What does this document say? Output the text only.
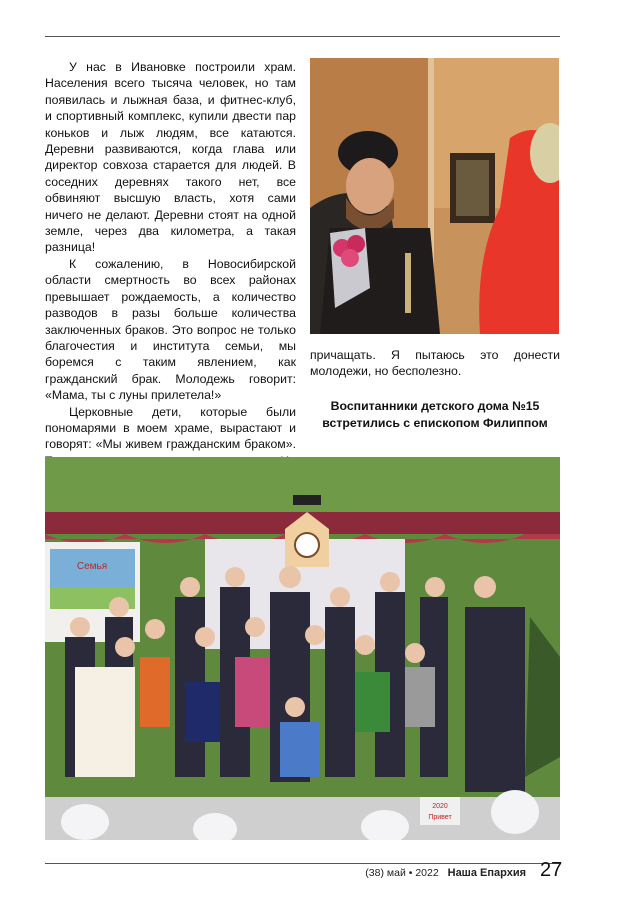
У нас в Ивановке построили храм. Населения всего тысяча человек, но там появилась и лыжная база, и фитнес-клуб, и спортивный комплекс, купили двести пар коньков и лыж людям, все катаются. Деревни развиваются, когда глава или директор совхоза старается для людей. В соседних деревнях такого нет, все обвиняют высшую власть, хотя сами ничего не делают. Деревни стоят на одной земле, через два километра, а такая разница!

К сожалению, в Новосибирской области смертность во всех районах превышает рождаемость, а количество разводов в разы больше количества заключенных браков. Это вопрос не только благочестия и института семьи, мы боремся с таким явлением, как гражданский брак. Молодежь говорит: «Мама, ты с луны прилетела!»

Церковные дети, которые были пономарями в моем храме, вырастают и говорят: «Мы живем гражданским браком».

причащать. Я пытаюсь это донести молодежи, но бесполезно.

Воспитанники детского дома №15
встретились с епископом Филиппом

Семья
2020
Привет
(38) май • 2022 Наша Епархия 27
